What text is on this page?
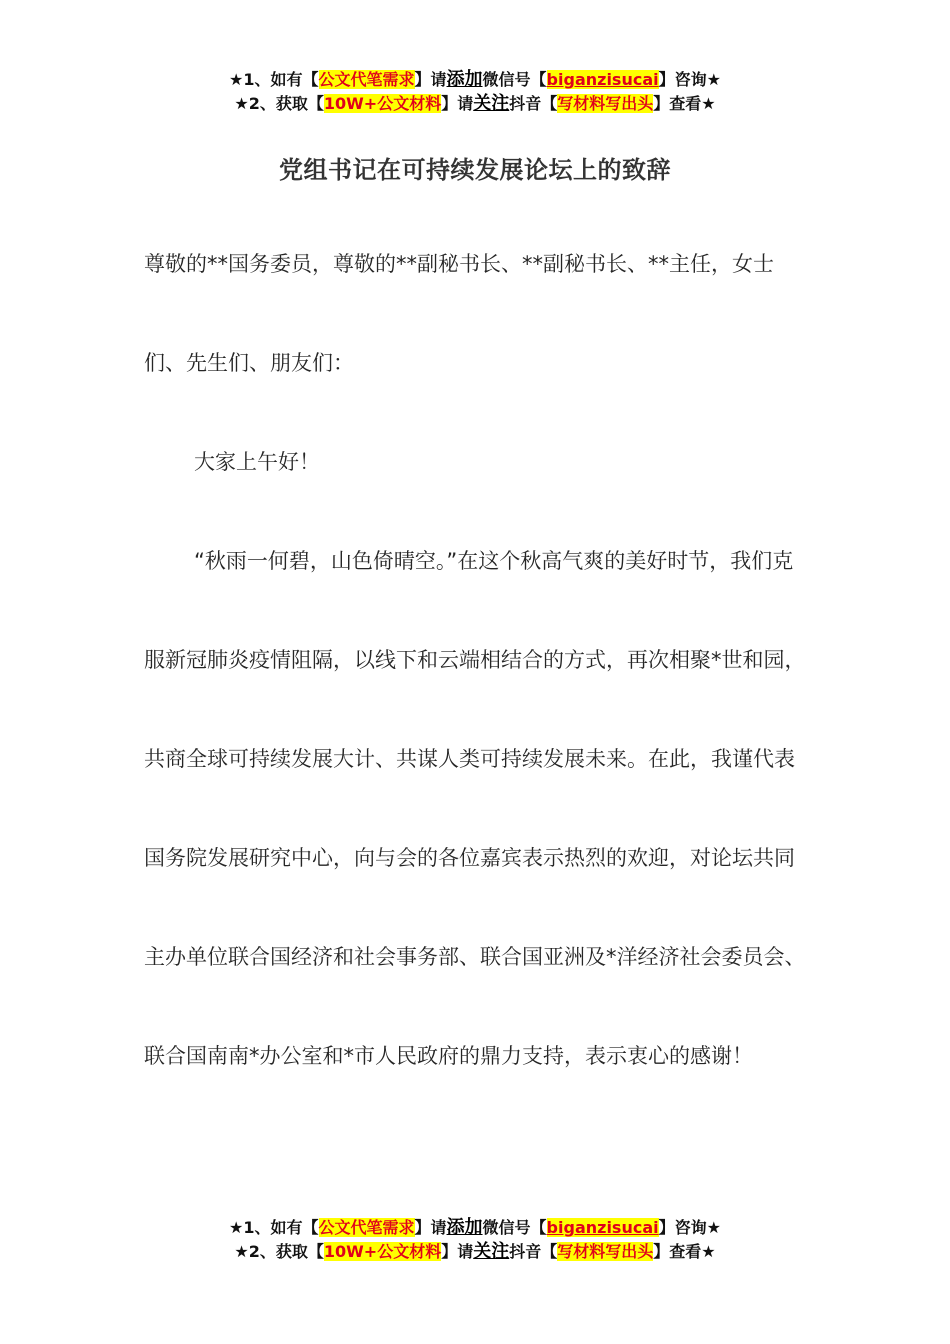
★1、如有【公文代笔需求】请添加微信号【biganzisucai】咨询★
★2、获取【10W+公文材料】请关注抖音【写材料写出头】查看★
党组书记在可持续发展论坛上的致辞

尊敬的**国务委员，尊敬的**副秘书长、**副秘书长、**主任，女士们、先生们、朋友们：

大家上午好！

“秋雨一何碧，山色倚晴空。”在这个秋高气爽的美好时节，我们克服新冠肺炎疫情阻隔，以线下和云端相结合的方式，再次相聚*世和园，共商全球可持续发展大计、共谋人类可持续发展未来。在此，我谨代表国务院发展研究中心，向与会的各位嘉宾表示热烈的欢迎，对论坛共同主办单位联合国经济和社会事务部、联合国亚洲及*洋经济社会委员会、联合国南南*办公室和*市人民政府的鼎力支持，表示衷心的感谢！

★1、如有【公文代笔需求】请添加微信号【biganzisucai】咨询★
★2、获取【10W+公文材料】请关注抖音【写材料写出头】查看★
